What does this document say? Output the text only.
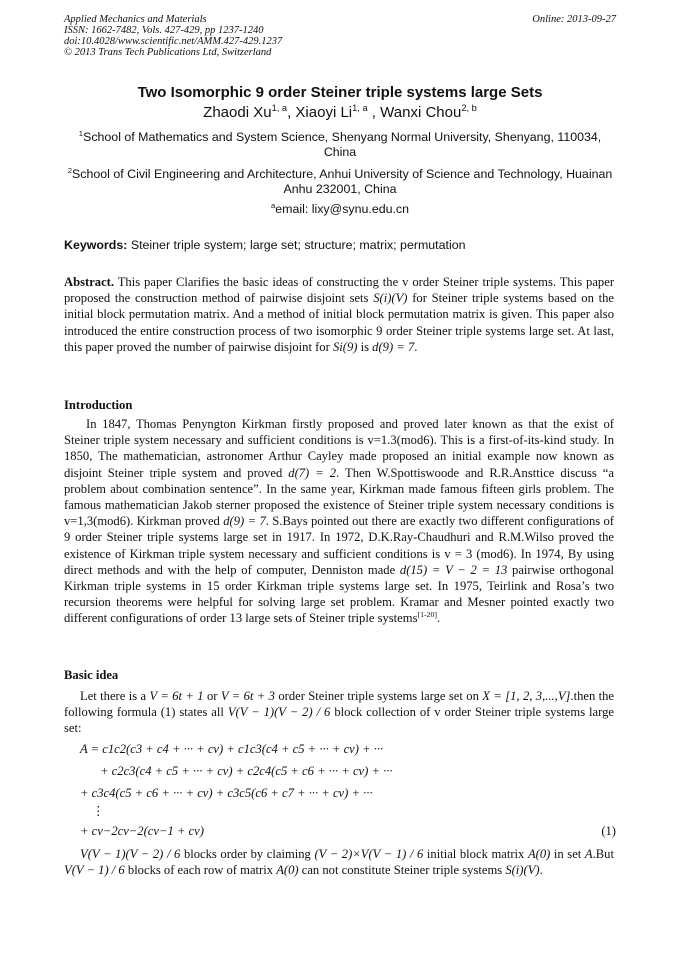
Applied Mechanics and Materials
ISSN: 1662-7482, Vols. 427-429, pp 1237-1240
doi:10.4028/www.scientific.net/AMM.427-429.1237
© 2013 Trans Tech Publications Ltd, Switzerland
Online: 2013-09-27
Two Isomorphic 9 order Steiner triple systems large Sets
Zhaodi Xu$^{1, a}$, Xiaoyi Li$^{1, a}$ , Wanxi Chou$^{2, b}$
$^1$School of Mathematics and System Science, Shenyang Normal University, Shenyang, 110034, China
$^2$School of Civil Engineering and Architecture, Anhui University of Science and Technology, Huainan Anhu 232001, China
$^a$email: lixy@synu.edu.cn
Keywords: Steiner triple system; large set; structure; matrix; permutation
Abstract. This paper Clarifies the basic ideas of constructing the v order Steiner triple systems. This paper proposed the construction method of pairwise disjoint sets S(i)(V) for Steiner triple systems based on the initial block permutation matrix. And a method of initial block permutation matrix is given. This paper also introduced the entire construction process of two isomorphic 9 order Steiner triple systems large set. At last, this paper proved the number of pairwise disjoint for Si(9) is d(9) = 7.
Introduction
In 1847, Thomas Penyngton Kirkman firstly proposed and proved later known as that the exist of Steiner triple system necessary and sufficient conditions is v=1.3(mod6). This is a first-of-its-kind study. In 1850, The mathematician, astronomer Arthur Cayley made proposed an initial example now known as disjoint Steiner triple system and proved d(7) = 2. Then W.Spottiswoode and R.R.Ansttice discuss “a problem about combination sentence”. In the same year, Kirkman made famous fifteen girls problem. The famous mathematician Jakob sterner proposed the existence of Steiner triple system necessary conditions is v=1,3(mod6). Kirkman proved d(9) = 7. S.Bays pointed out there are exactly two different configurations of 9 order Steiner triple systems large set in 1917. In 1972, D.K.Ray-Chaudhuri and R.M.Wilso proved the existence of Kirkman triple system necessary and sufficient conditions is v = 3 (mod6). In 1974, By using direct methods and with the help of computer, Denniston made d(15) = V − 2 = 13 pairwise orthogonal Kirkman triple systems in 15 order Kirkman triple systems large set. In 1975, Teirlink and Rosa’s two recursion theorems were helpful for solving large set problem. Kramar and Mesner pointed exactly two different configurations of order 13 large sets of Steiner triple systems[1-20].
Basic idea
Let there is a V = 6t + 1 or V = 6t + 3 order Steiner triple systems large set on X = [1, 2, 3,...,V].then the following formula (1) states all V(V − 1)(V − 2) / 6 block collection of v order Steiner triple systems large set:
A = c1c2(c3 + c4 + ··· + cv) + c1c3(c4 + c5 + ··· + cv) + ···
+ c2c3(c4 + c5 + ··· + cv) + c2c4(c5 + c6 + ··· + cv) + ···
+ c3c4(c5 + c6 + ··· + cv) + c3c5(c6 + c7 + ··· + cv) + ···
⋮
+ cv−2cv−2(cv−1 + cv)	(1)
V(V − 1)(V − 2) / 6 blocks order by claiming (V − 2)×V(V − 1) / 6 initial block matrix A(0) in set A.But V(V − 1) / 6 blocks of each row of matrix A(0) can not constitute Steiner triple systems S(i)(V).
